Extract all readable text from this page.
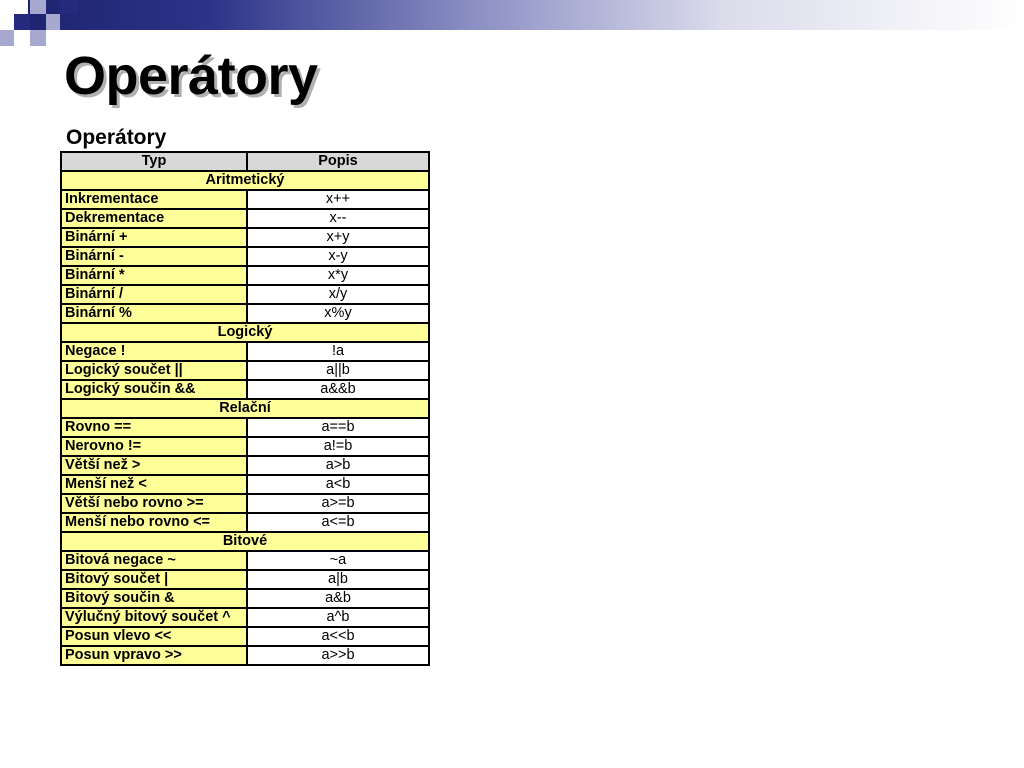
Operátory
Operátory
Typ	Popis
Aritmetický	
Inkrementace	x++
Dekrementace	x--
Binární +	x+y
Binární -	x-y
Binární *	x*y
Binární /	x/y
Binární %	x%y
Logický	
Negace !	!a
Logický součet ||	a||b
Logický součin &&	a&&b
Relační	
Rovno ==	a==b
Nerovno !=	a!=b
Větší než >	a>b
Menší než <	a<b
Větší nebo rovno >=	a>=b
Menší nebo rovno <=	a<=b
Bitové	
Bitová negace ~	~a
Bitový součet |	a|b
Bitový součin &	a&b
Výlučný bitový součet ^	a^b
Posun vlevo <<	a<<b
Posun vpravo >>	a>>b
